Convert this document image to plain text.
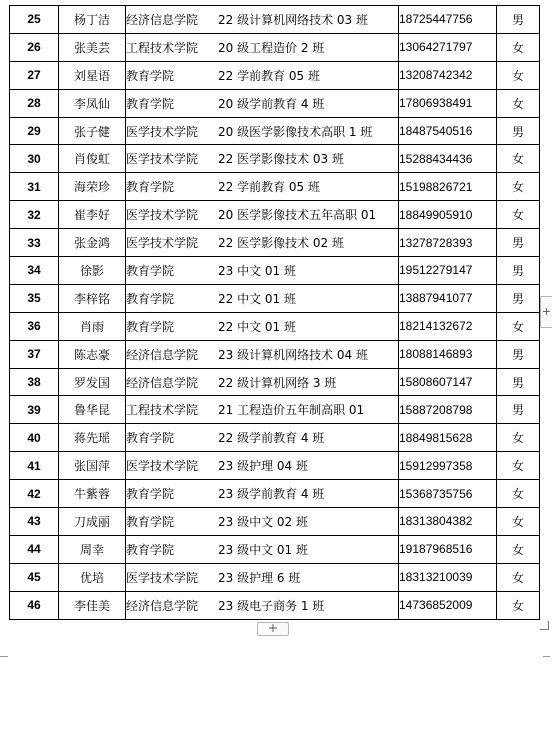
25	杨丁洁	经济信息学院 22 级计算机网络技术 03 班	18725447756	男
26	张美芸	工程技术学院 20 级工程造价 2 班	13064271797	女
27	刘星语	教育学院 22 学前教育 05 班	13208742342	女
28	李凤仙	教育学院 20 级学前教育 4 班	17806938491	女
29	张子健	医学技术学院 20 级医学影像技术高职 1 班	18487540516	男
30	肖俊虹	医学技术学院 22 医学影像技术 03 班	15288434436	女
31	海荣珍	教育学院 22 学前教育 05 班	15198826721	女
32	崔李好	医学技术学院 20 医学影像技术五年高职 01	18849905910	女
33	张金鸿	医学技术学院 22 医学影像技术 02 班	13278728393	男
34	徐影	教育学院 23 中文 01 班	19512279147	男
35	李梓铭	教育学院 22 中文 01 班	13887941077	男
36	肖雨	教育学院 22 中文 01 班	18214132672	女
37	陈志豪	经济信息学院 23 级计算机网络技术 04 班	18088146893	男
38	罗发国	经济信息学院 22 级计算机网络 3 班	15808607147	男
39	鲁华昆	工程技术学院 21 工程造价五年制高职 01	15887208798	男
40	蒋先瑶	教育学院 22 级学前教育 4 班	18849815628	女
41	张国萍	医学技术学院 23 级护理 04 班	15912997358	女
42	牛紫蓉	教育学院 23 级学前教育 4 班	15368735756	女
43	刀成丽	教育学院 23 级中文 02 班	18313804382	女
44	周幸	教育学院 23 级中文 01 班	19187968516	女
45	优培	医学技术学院 23 级护理 6 班	18313210039	女
46	李佳美	经济信息学院 23 级电子商务 1 班	14736852009	女
+
+
